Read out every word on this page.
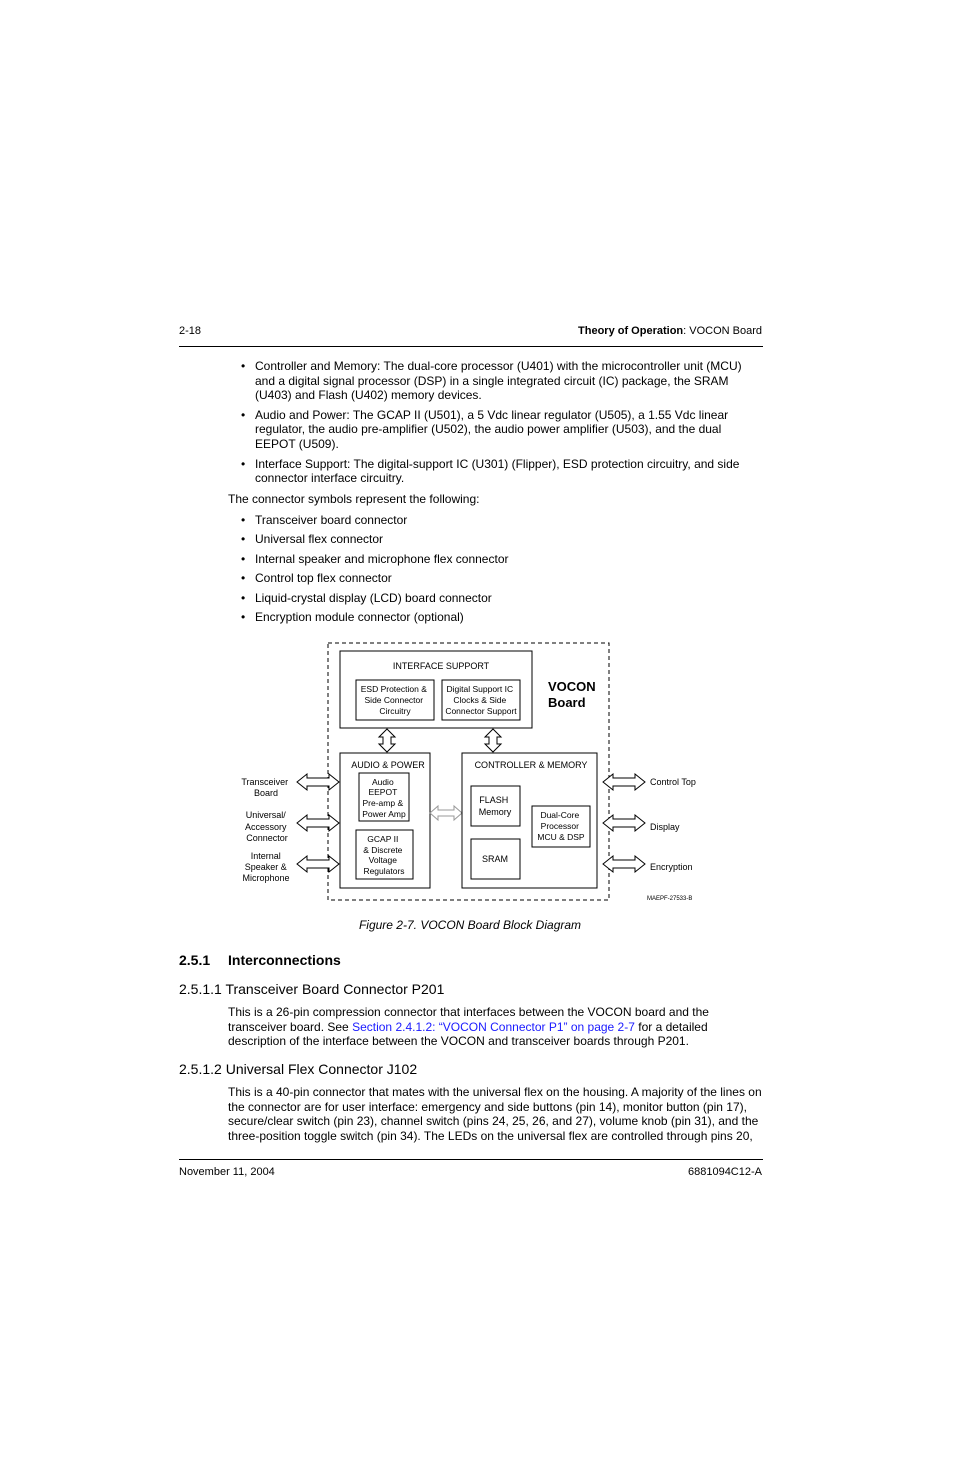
2-18	Theory of Operation: VOCON Board
• Controller and Memory: The dual-core processor (U401) with the microcontroller unit (MCU)
and a digital signal processor (DSP) in a single integrated circuit (IC) package, the SRAM
(U403) and Flash (U402) memory devices.
• Audio and Power: The GCAP II (U501), a 5 Vdc linear regulator (U505), a 1.55 Vdc linear
regulator, the audio pre-amplifier (U502), the audio power amplifier (U503), and the dual
EEPOT (U509).
• Interface Support: The digital-support IC (U301) (Flipper), ESD protection circuitry, and side
connector interface circuitry.
The connector symbols represent the following:
• Transceiver board connector
• Universal flex connector
• Internal speaker and microphone flex connector
• Control top flex connector
• Liquid-crystal display (LCD) board connector
• Encryption module connector (optional)
INTERFACE SUPPORT
ESD Protection & Side Connector Circuitry
Digital Support IC Clocks & Side Connector Support
VOCON Board
AUDIO & POWER
Audio EEPOT Pre-amp & Power Amp
GCAP II & Discrete Voltage Regulators
CONTROLLER & MEMORY
FLASH Memory
SRAM
Dual-Core Processor MCU & DSP
Transceiver Board
Universal/ Accessory Connector
Internal Speaker & Microphone
Control Top
Display
Encryption
MAEPF-27533-B
Figure 2-7. VOCON Board Block Diagram
2.5.1 Interconnections
2.5.1.1 Transceiver Board Connector P201
This is a 26-pin compression connector that interfaces between the VOCON board and the
transceiver board. See Section 2.4.1.2: “VOCON Connector P1” on page 2-7 for a detailed
description of the interface between the VOCON and transceiver boards through P201.
2.5.1.2 Universal Flex Connector J102
This is a 40-pin connector that mates with the universal flex on the housing. A majority of the lines on
the connector are for user interface: emergency and side buttons (pin 14), monitor button (pin 17),
secure/clear switch (pin 23), channel switch (pins 24, 25, 26, and 27), volume knob (pin 31), and the
three-position toggle switch (pin 34). The LEDs on the universal flex are controlled through pins 20,
November 11, 2004	6881094C12-A
